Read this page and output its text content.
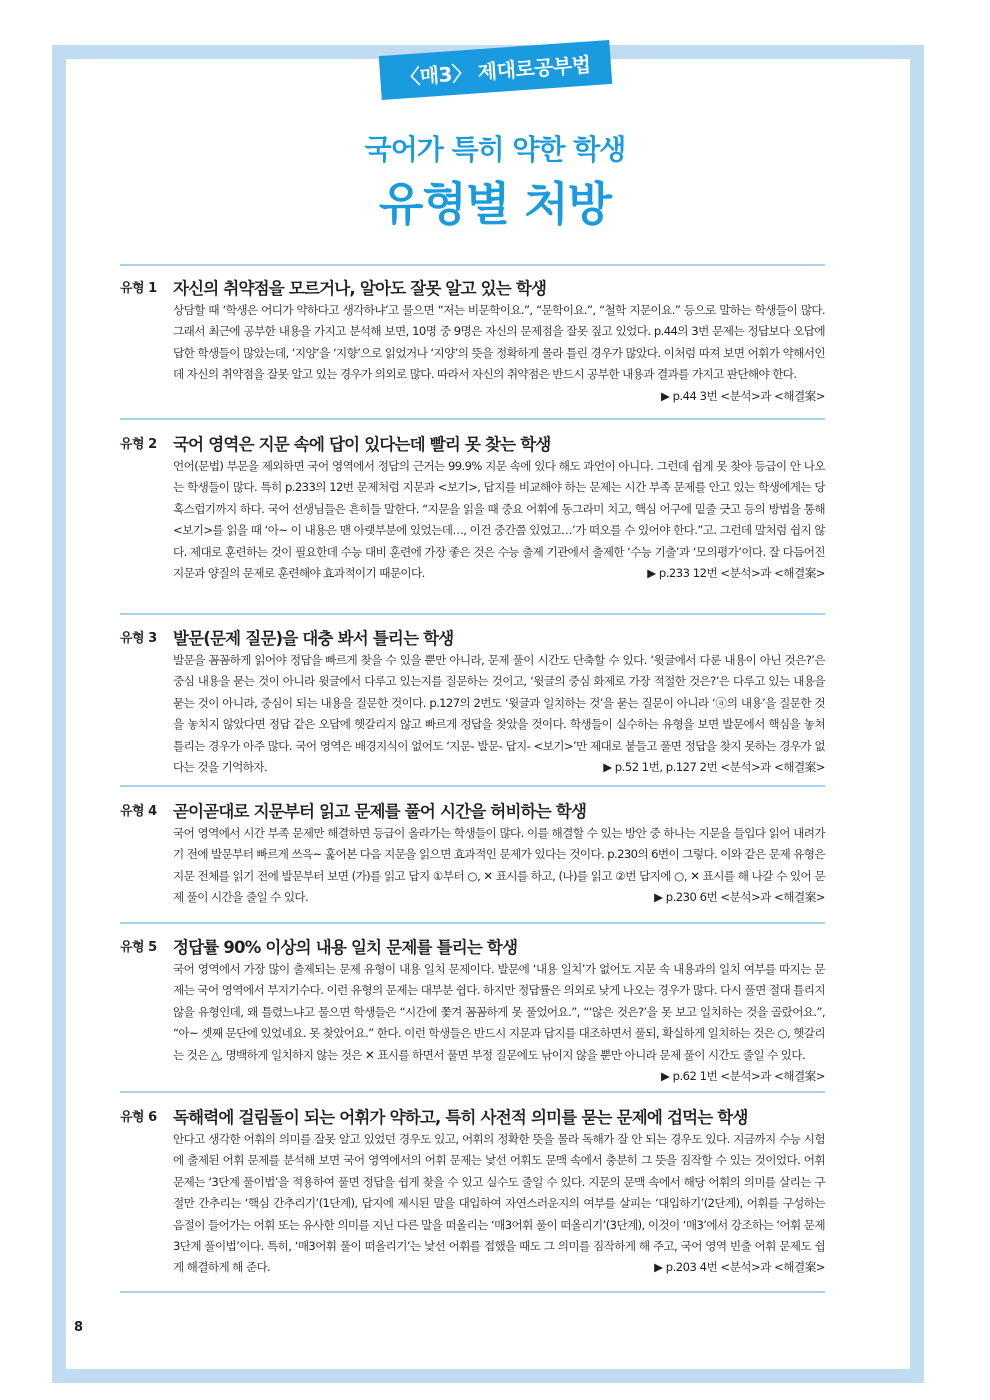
〈매3〉 제대로공부법
국어가 특히 약한 학생
유형별 처방
유형 1 자신의 취약점을 모르거나, 알아도 잘못 알고 있는 학생
상담할 때 ‘학생은 어디가 약하다고 생각하냐’고 물으면 “저는 비문학이요.”, “문학이요.”, “철학 지문이요.” 등으로 말하는 학생들이 많다. 그래서 최근에 공부한 내용을 가지고 분석해 보면, 10명 중 9명은 자신의 문제점을 잘못 짚고 있었다. p.44의 3번 문제는 정답보다 오답에 답한 학생들이 많았는데, ‘지양’을 ‘지향’으로 읽었거나 ‘지양’의 뜻을 정확하게 몰라 틀린 경우가 많았다. 이처럼 따져 보면 어휘가 약해서인데 자신의 취약점을 잘못 알고 있는 경우가 의외로 많다. 따라서 자신의 취약점은 반드시 공부한 내용과 결과를 가지고 판단해야 한다.
▶ p.44 3번 <분석>과 <해결案>
유형 2 국어 영역은 지문 속에 답이 있다는데 빨리 못 찾는 학생
언어(문법) 부문을 제외하면 국어 영역에서 정답의 근거는 99.9% 지문 속에 있다 해도 과언이 아니다. 그런데 쉽게 못 찾아 등급이 안 나오는 학생들이 많다. 특히 p.233의 12번 문제처럼 지문과 <보기>, 답지를 비교해야 하는 문제는 시간 부족 문제를 안고 있는 학생에게는 당혹스럽기까지 하다. 국어 선생님들은 흔히들 말한다. “지문을 읽을 때 중요 어휘에 동그라미 치고, 핵심 어구에 밑줄 긋고 등의 방법을 통해 <보기>를 읽을 때 ‘아~ 이 내용은 맨 아랫부분에 있었는데…, 이건 중간쯤 있었고…’가 떠오를 수 있어야 한다.”고. 그런데 말처럼 쉽지 않다. 제대로 훈련하는 것이 필요한데 수능 대비 훈련에 가장 좋은 것은 수능 출제 기관에서 출제한 ‘수능 기출’과 ‘모의평가’이다. 잘 다듬어진 지문과 양질의 문제로 훈련해야 효과적이기 때문이다.	▶ p.233 12번 <분석>과 <해결案>
유형 3 발문(문제 질문)을 대충 봐서 틀리는 학생
발문을 꼼꼼하게 읽어야 정답을 빠르게 찾을 수 있을 뿐만 아니라, 문제 풀이 시간도 단축할 수 있다. ‘윗글에서 다룬 내용이 아닌 것은?’은 중심 내용을 묻는 것이 아니라 윗글에서 다루고 있는지를 질문하는 것이고, ‘윗글의 중심 화제로 가장 적절한 것은?’은 다루고 있는 내용을 묻는 것이 아니라, 중심이 되는 내용을 질문한 것이다. p.127의 2번도 ‘윗글과 일치하는 것’을 묻는 질문이 아니라 ‘ⓐ의 내용’을 질문한 것을 놓치지 않았다면 정답 같은 오답에 헷갈리지 않고 빠르게 정답을 찾았을 것이다. 학생들이 실수하는 유형을 보면 발문에서 핵심을 놓쳐 틀리는 경우가 아주 많다. 국어 영역은 배경지식이 없어도 ‘지문- 발문- 답지- <보기>’만 제대로 붙들고 풀면 정답을 찾지 못하는 경우가 없다는 것을 기억하자.	▶ p.52 1번, p.127 2번 <분석>과 <해결案>
유형 4 곧이곧대로 지문부터 읽고 문제를 풀어 시간을 허비하는 학생
국어 영역에서 시간 부족 문제만 해결하면 등급이 올라가는 학생들이 많다. 이를 해결할 수 있는 방안 중 하나는 지문을 들입다 읽어 내려가기 전에 발문부터 빠르게 쓰윽~ 훑어본 다음 지문을 읽으면 효과적인 문제가 있다는 것이다. p.230의 6번이 그렇다. 이와 같은 문제 유형은 지문 전체를 읽기 전에 발문부터 보면 (가)를 읽고 답지 ①부터 ○, ✕ 표시를 하고, (나)를 읽고 ②번 답지에 ○, ✕ 표시를 해 나갈 수 있어 문제 풀이 시간을 줄일 수 있다.	▶ p.230 6번 <분석>과 <해결案>
유형 5 정답률 90% 이상의 내용 일치 문제를 틀리는 학생
국어 영역에서 가장 많이 출제되는 문제 유형이 내용 일치 문제이다. 발문에 ‘내용 일치’가 없어도 지문 속 내용과의 일치 여부를 따지는 문제는 국어 영역에서 부지기수다. 이런 유형의 문제는 대부분 쉽다. 하지만 정답률은 의외로 낮게 나오는 경우가 많다. 다시 풀면 절대 틀리지 않을 유형인데, 왜 틀렸느냐고 물으면 학생들은 “시간에 쫓겨 꼼꼼하게 못 풀었어요.”, “‘않은 것은?’을 못 보고 일치하는 것을 골랐어요.”, “아~ 셋째 문단에 있었네요. 못 찾았어요.” 한다. 이런 학생들은 반드시 지문과 답지를 대조하면서 풀되, 확실하게 일치하는 것은 ○, 헷갈리는 것은 △, 명백하게 일치하지 않는 것은 ✕ 표시를 하면서 풀면 부정 질문에도 낚이지 않을 뿐만 아니라 문제 풀이 시간도 줄일 수 있다.
▶ p.62 1번 <분석>과 <해결案>
유형 6 독해력에 걸림돌이 되는 어휘가 약하고, 특히 사전적 의미를 묻는 문제에 겁먹는 학생
안다고 생각한 어휘의 의미를 잘못 알고 있었던 경우도 있고, 어휘의 정확한 뜻을 몰라 독해가 잘 안 되는 경우도 있다. 지금까지 수능 시험에 출제된 어휘 문제를 분석해 보면 국어 영역에서의 어휘 문제는 낯선 어휘도 문맥 속에서 충분히 그 뜻을 짐작할 수 있는 것이었다. 어휘 문제는 ‘3단계 풀이법’을 적용하여 풀면 정답을 쉽게 찾을 수 있고 실수도 줄일 수 있다. 지문의 문맥 속에서 해당 어휘의 의미를 살리는 구절만 간추리는 ‘핵심 간추리기’(1단계), 답지에 제시된 말을 대입하여 자연스러운지의 여부를 살피는 ‘대입하기’(2단계), 어휘를 구성하는 음절이 들어가는 어휘 또는 유사한 의미를 지닌 다른 말을 떠올리는 ‘매3어휘 풀이 떠올리기’(3단계), 이것이 ‘매3’에서 강조하는 ‘어휘 문제 3단계 풀이법’이다. 특히, ‘매3어휘 풀이 떠올리기’는 낯선 어휘를 접했을 때도 그 의미를 짐작하게 해 주고, 국어 영역 빈출 어휘 문제도 쉽게 해결하게 해 준다.	▶ p.203 4번 <분석>과 <해결案>
8
